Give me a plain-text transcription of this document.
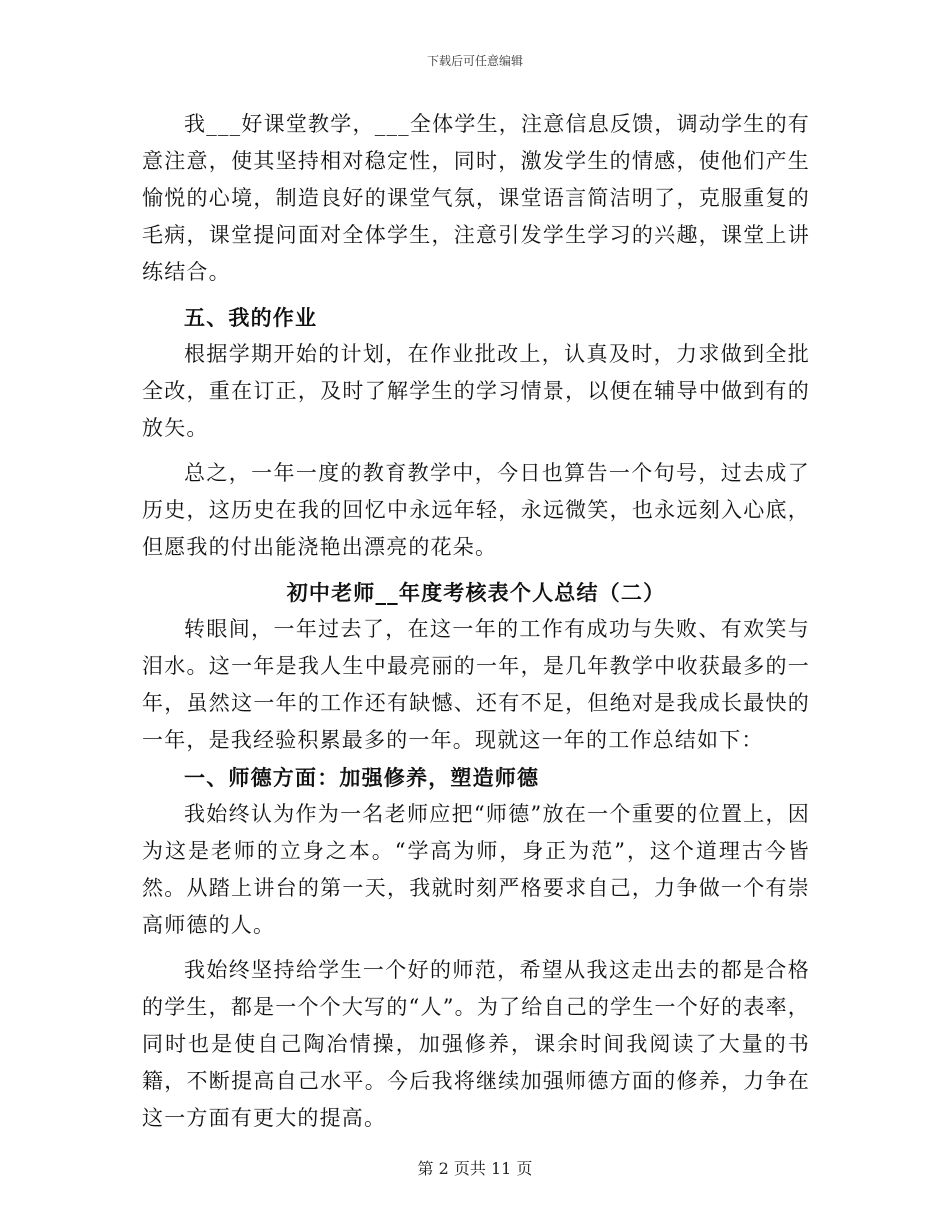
下载后可任意编辑

我___好课堂教学，___全体学生，注意信息反馈，调动学生的有意注意，使其坚持相对稳定性，同时，激发学生的情感，使他们产生愉悦的心境，制造良好的课堂气氛，课堂语言简洁明了，克服重复的毛病，课堂提问面对全体学生，注意引发学生学习的兴趣，课堂上讲练结合。

五、我的作业

根据学期开始的计划，在作业批改上，认真及时，力求做到全批全改，重在订正，及时了解学生的学习情景，以便在辅导中做到有的放矢。

总之，一年一度的教育教学中，今日也算告一个句号，过去成了历史，这历史在我的回忆中永远年轻，永远微笑，也永远刻入心底，但愿我的付出能浇艳出漂亮的花朵。

初中老师__年度考核表个人总结（二）

转眼间，一年过去了，在这一年的工作有成功与失败、有欢笑与泪水。这一年是我人生中最亮丽的一年，是几年教学中收获最多的一年，虽然这一年的工作还有缺憾、还有不足，但绝对是我成长最快的一年，是我经验积累最多的一年。现就这一年的工作总结如下：

一、师德方面：加强修养，塑造师德

我始终认为作为一名老师应把“师德”放在一个重要的位置上，因为这是老师的立身之本。“学高为师，身正为范”，这个道理古今皆然。从踏上讲台的第一天，我就时刻严格要求自己，力争做一个有崇高师德的人。

我始终坚持给学生一个好的师范，希望从我这走出去的都是合格的学生，都是一个个大写的“人”。为了给自己的学生一个好的表率，同时也是使自己陶冶情操，加强修养，课余时间我阅读了大量的书籍，不断提高自己水平。今后我将继续加强师德方面的修养，力争在这一方面有更大的提高。

第 2 页共 11 页
